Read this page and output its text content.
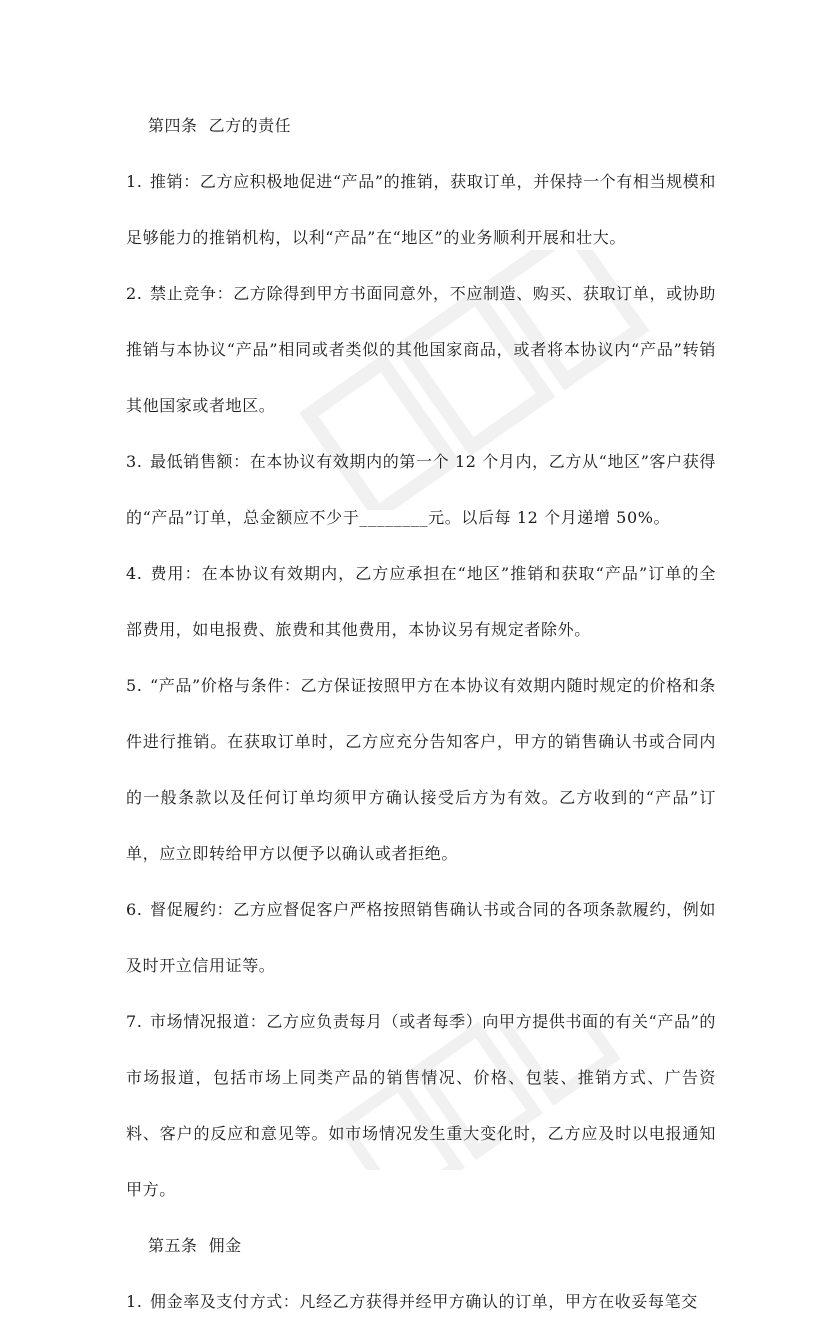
第四条  乙方的责任
1. 推销：乙方应积极地促进“产品”的推销，获取订单，并保持一个有相当规模和足够能力的推销机构，以利“产品”在“地区”的业务顺利开展和壮大。
2. 禁止竞争：乙方除得到甲方书面同意外，不应制造、购买、获取订单，或协助推销与本协议“产品”相同或者类似的其他国家商品，或者将本协议内“产品”转销其他国家或者地区。
3. 最低销售额：在本协议有效期内的第一个 12 个月内，乙方从“地区”客户获得的“产品”订单，总金额应不少于________元。以后每 12 个月递增 50%。
4. 费用：在本协议有效期内，乙方应承担在“地区”推销和获取“产品”订单的全部费用，如电报费、旅费和其他费用，本协议另有规定者除外。
5. “产品”价格与条件：乙方保证按照甲方在本协议有效期内随时规定的价格和条件进行推销。在获取订单时，乙方应充分告知客户，甲方的销售确认书或合同内的一般条款以及任何订单均须甲方确认接受后方为有效。乙方收到的“产品”订单，应立即转给甲方以便予以确认或者拒绝。
6. 督促履约：乙方应督促客户严格按照销售确认书或合同的各项条款履约，例如及时开立信用证等。
7. 市场情况报道：乙方应负责每月（或者每季）向甲方提供书面的有关“产品”的市场报道，包括市场上同类产品的销售情况、价格、包装、推销方式、广告资料、客户的反应和意见等。如市场情况发生重大变化时，乙方应及时以电报通知甲方。
第五条  佣金
1. 佣金率及支付方式：凡经乙方获得并经甲方确认的订单，甲方在收妥每笔交
